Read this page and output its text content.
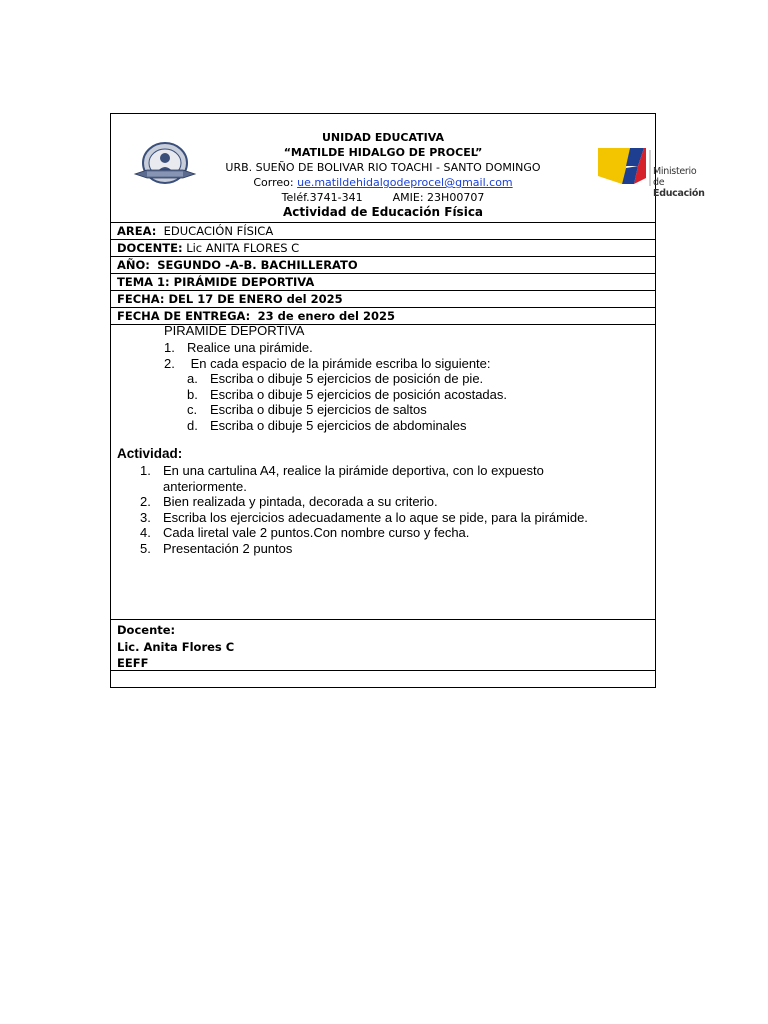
UNIDAD EDUCATIVA
“MATILDE HIDALGO DE PROCEL”
URB. SUEÑO DE BOLIVAR RIO TOACHI - SANTO DOMINGO
Correo: ue.matildehidalgodeprocel@gmail.com
Teléf.3741-341	AMIE: 23H00707
Actividad de Educación Física
Ministerio
de Educación
AREA: EDUCACIÓN FÍSICA
DOCENTE: Lic ANITA FLORES C
AÑO: SEGUNDO -A-B. BACHILLERATO
TEMA 1: PIRÁMIDE DEPORTIVA
FECHA: DEL 17 DE ENERO del 2025
FECHA DE ENTREGA: 23 de enero del 2025
PIRAMIDE DEPORTIVA
1. Realice una pirámide.
2. En cada espacio de la pirámide escriba lo siguiente:
a. Escriba o dibuje 5 ejercicios de posición de pie.
b. Escriba o dibuje 5 ejercicios de posición acostadas.
c. Escriba o dibuje 5 ejercicios de saltos
d. Escriba o dibuje 5 ejercicios de abdominales
Actividad:
1. En una cartulina A4, realice la pirámide deportiva, con lo expuesto anteriormente.
2. Bien realizada y pintada, decorada a su criterio.
3. Escriba los ejercicios adecuadamente a lo aque se pide, para la pirámide.
4. Cada liretal vale 2 puntos.Con nombre curso y fecha.
5. Presentación 2 puntos
Docente:
Lic. Anita Flores C
EEFF
